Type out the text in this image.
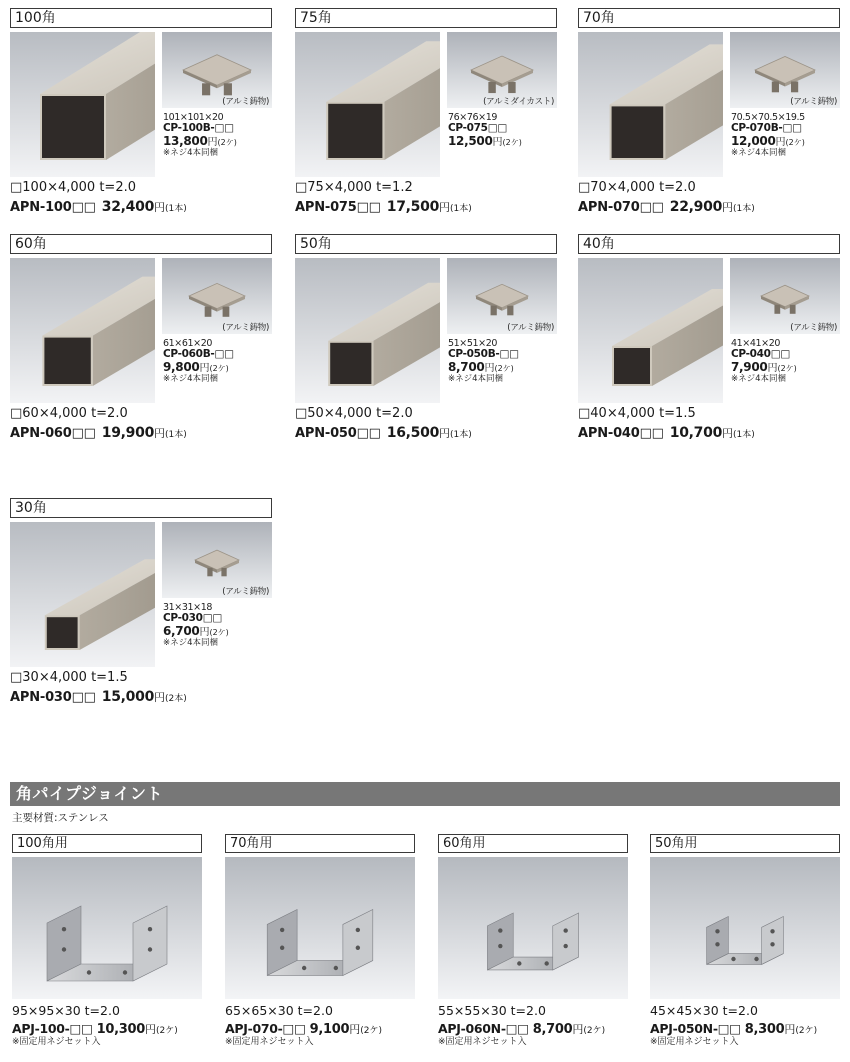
100角
(アルミ鋳物)
101×101×20
CP-100B-□□
13,800円(2ケ)
※ネジ4本同梱
□100×4,000 t=2.0
APN-100□□ 32,400円(1本)
75角
(アルミダイカスト)
76×76×19
CP-075□□
12,500円(2ケ)
□75×4,000 t=1.2
APN-075□□ 17,500円(1本)
70角
(アルミ鋳物)
70.5×70.5×19.5
CP-070B-□□
12,000円(2ケ)
※ネジ4本同梱
□70×4,000 t=2.0
APN-070□□ 22,900円(1本)
60角
(アルミ鋳物)
61×61×20
CP-060B-□□
9,800円(2ケ)
※ネジ4本同梱
□60×4,000 t=2.0
APN-060□□ 19,900円(1本)
50角
(アルミ鋳物)
51×51×20
CP-050B-□□
8,700円(2ケ)
※ネジ4本同梱
□50×4,000 t=2.0
APN-050□□ 16,500円(1本)
40角
(アルミ鋳物)
41×41×20
CP-040□□
7,900円(2ケ)
※ネジ4本同梱
□40×4,000 t=1.5
APN-040□□ 10,700円(1本)
30角
(アルミ鋳物)
31×31×18
CP-030□□
6,700円(2ケ)
※ネジ4本同梱
□30×4,000 t=1.5
APN-030□□ 15,000円(2本)
角パイプジョイント
主要材質:ステンレス
100角用
95×95×30 t=2.0
APJ-100-□□ 10,300円(2ケ)
※固定用ネジセット入
70角用
65×65×30 t=2.0
APJ-070-□□ 9,100円(2ケ)
※固定用ネジセット入
60角用
55×55×30 t=2.0
APJ-060N-□□ 8,700円(2ケ)
※固定用ネジセット入
50角用
45×45×30 t=2.0
APJ-050N-□□ 8,300円(2ケ)
※固定用ネジセット入
